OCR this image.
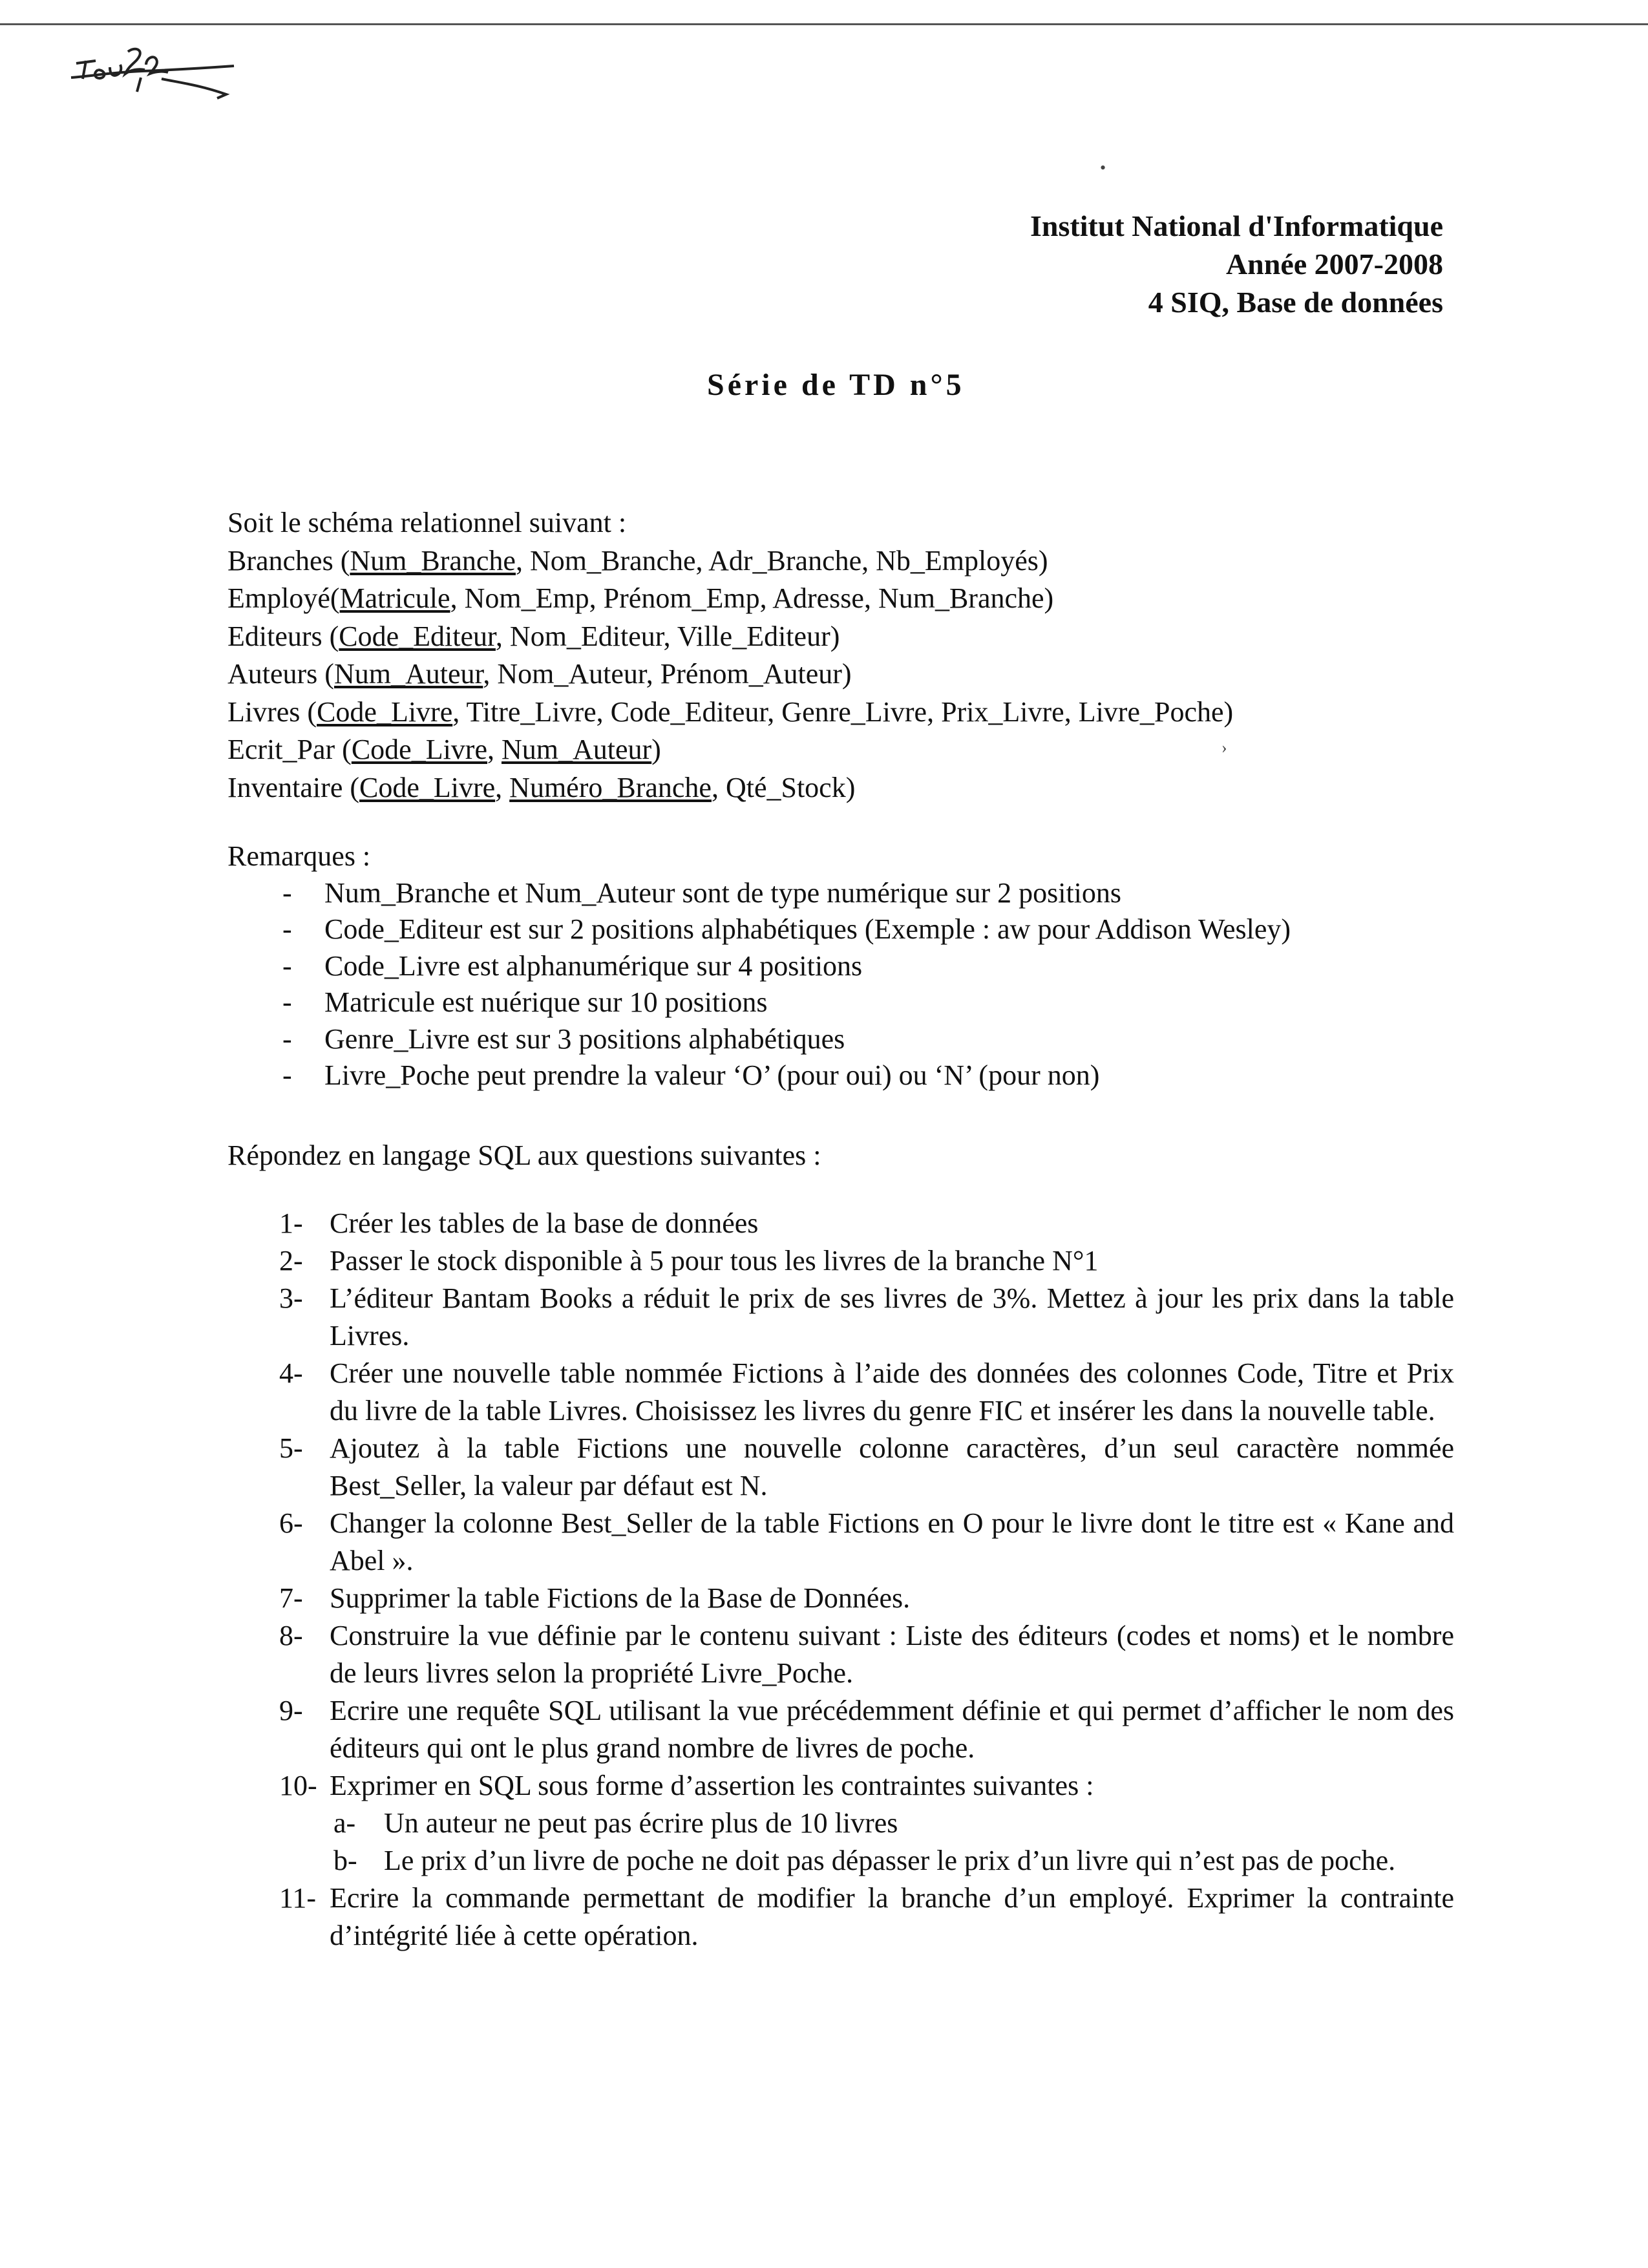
Institut National d'Informatique
Année 2007-2008
4 SIQ, Base de données
Série de TD n°5

Soit le schéma relationnel suivant :

Branches (Num_Branche, Nom_Branche, Adr_Branche, Nb_Employés)

Employé(Matricule, Nom_Emp, Prénom_Emp, Adresse, Num_Branche)

Editeurs (Code_Editeur, Nom_Editeur, Ville_Editeur)

Auteurs (Num_Auteur, Nom_Auteur, Prénom_Auteur)

Livres (Code_Livre, Titre_Livre, Code_Editeur, Genre_Livre, Prix_Livre, Livre_Poche)

Ecrit_Par (Code_Livre, Num_Auteur)

Inventaire (Code_Livre, Numéro_Branche, Qté_Stock)

Remarques :

- Num_Branche et Num_Auteur sont de type numérique sur 2 positions
- Code_Editeur est sur 2 positions alphabétiques (Exemple : aw pour Addison Wesley)
- Code_Livre est alphanumérique sur 4 positions
- Matricule est nuérique sur 10 positions
- Genre_Livre est sur 3 positions alphabétiques
- Livre_Poche peut prendre la valeur ‘O’ (pour oui) ou ‘N’ (pour non)
Répondez en langage SQL aux questions suivantes :
1- Créer les tables de la base de données
2- Passer le stock disponible à 5 pour tous les livres de la branche N°1
3- L’éditeur Bantam Books a réduit le prix de ses livres de 3%. Mettez à jour les prix dans la table Livres.
4- Créer une nouvelle table nommée Fictions à l’aide des données des colonnes Code, Titre et Prix du livre de la table Livres. Choisissez les livres du genre FIC et insérer les dans la nouvelle table.
5- Ajoutez à la table Fictions une nouvelle colonne caractères, d’un seul caractère nommée Best_Seller, la valeur par défaut est N.
6- Changer la colonne Best_Seller de la table Fictions en O pour le livre dont le titre est « Kane and Abel ».
7- Supprimer la table Fictions de la Base de Données.
8- Construire la vue définie par le contenu suivant : Liste des éditeurs (codes et noms) et le nombre de leurs livres selon la propriété Livre_Poche.
9- Ecrire une requête SQL utilisant la vue précédemment définie et qui permet d’afficher le nom des éditeurs qui ont le plus grand nombre de livres de poche.
10- Exprimer en SQL sous forme d’assertion les contraintes suivantes :
a- Un auteur ne peut pas écrire plus de 10 livres
b- Le prix d’un livre de poche ne doit pas dépasser le prix d’un livre qui n’est pas de poche.
11- Ecrire la commande permettant de modifier la branche d’un employé. Exprimer la contrainte d’intégrité liée à cette opération.
•
›
